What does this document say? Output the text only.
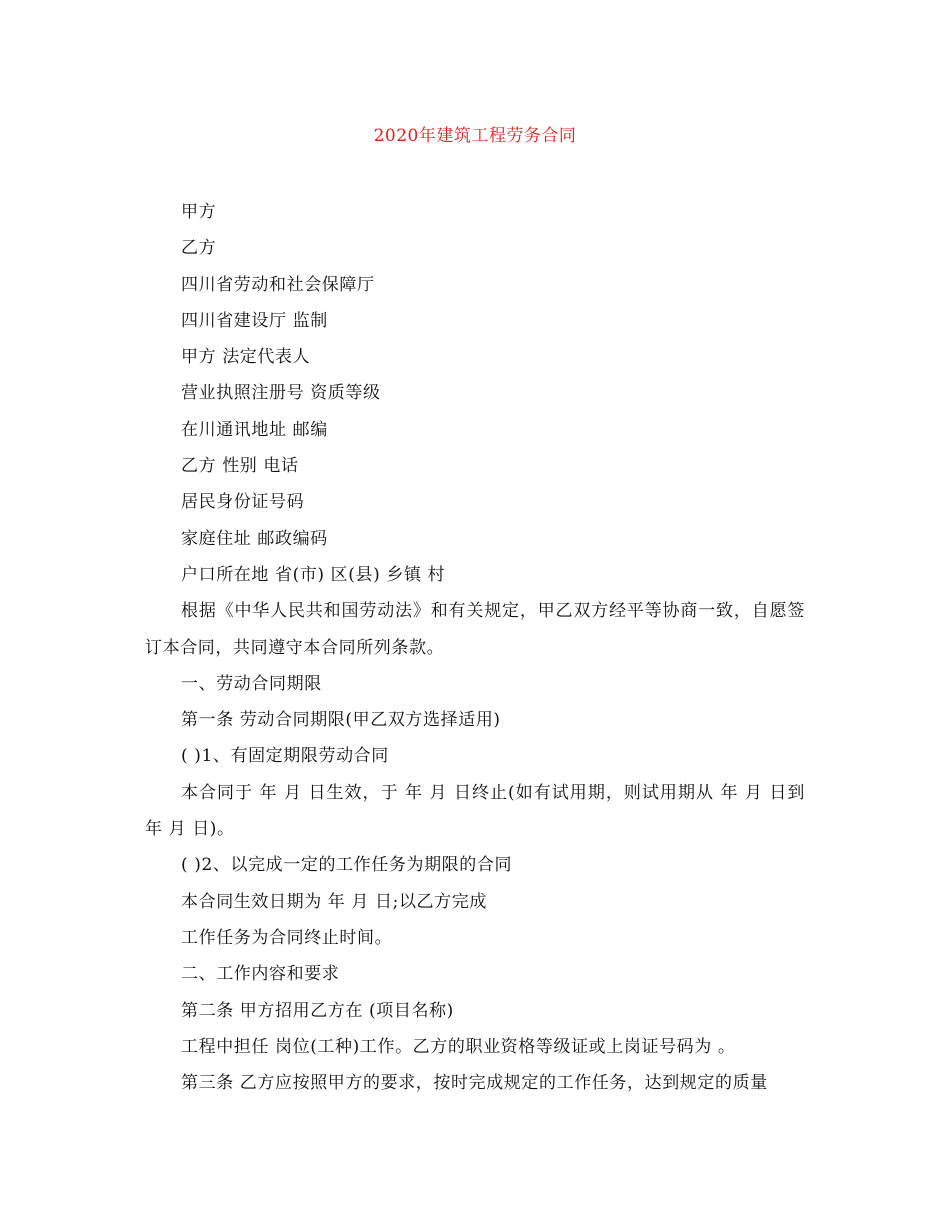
2020年建筑工程劳务合同

甲方

乙方

四川省劳动和社会保障厅

四川省建设厅 监制

甲方 法定代表人

营业执照注册号 资质等级

在川通讯地址 邮编

乙方 性别 电话

居民身份证号码

家庭住址 邮政编码

户口所在地 省(市) 区(县) 乡镇 村

根据《中华人民共和国劳动法》和有关规定，甲乙双方经平等协商一致，自愿签订本合同，共同遵守本合同所列条款。

一、劳动合同期限

第一条 劳动合同期限(甲乙双方选择适用)

( )1、有固定期限劳动合同

本合同于 年 月 日生效，于 年 月 日终止(如有试用期，则试用期从 年 月 日到 年 月 日)。

( )2、以完成一定的工作任务为期限的合同

本合同生效日期为 年 月 日;以乙方完成

工作任务为合同终止时间。

二、工作内容和要求

第二条 甲方招用乙方在 (项目名称)

工程中担任 岗位(工种)工作。乙方的职业资格等级证或上岗证号码为 。

第三条 乙方应按照甲方的要求，按时完成规定的工作任务，达到规定的质量
